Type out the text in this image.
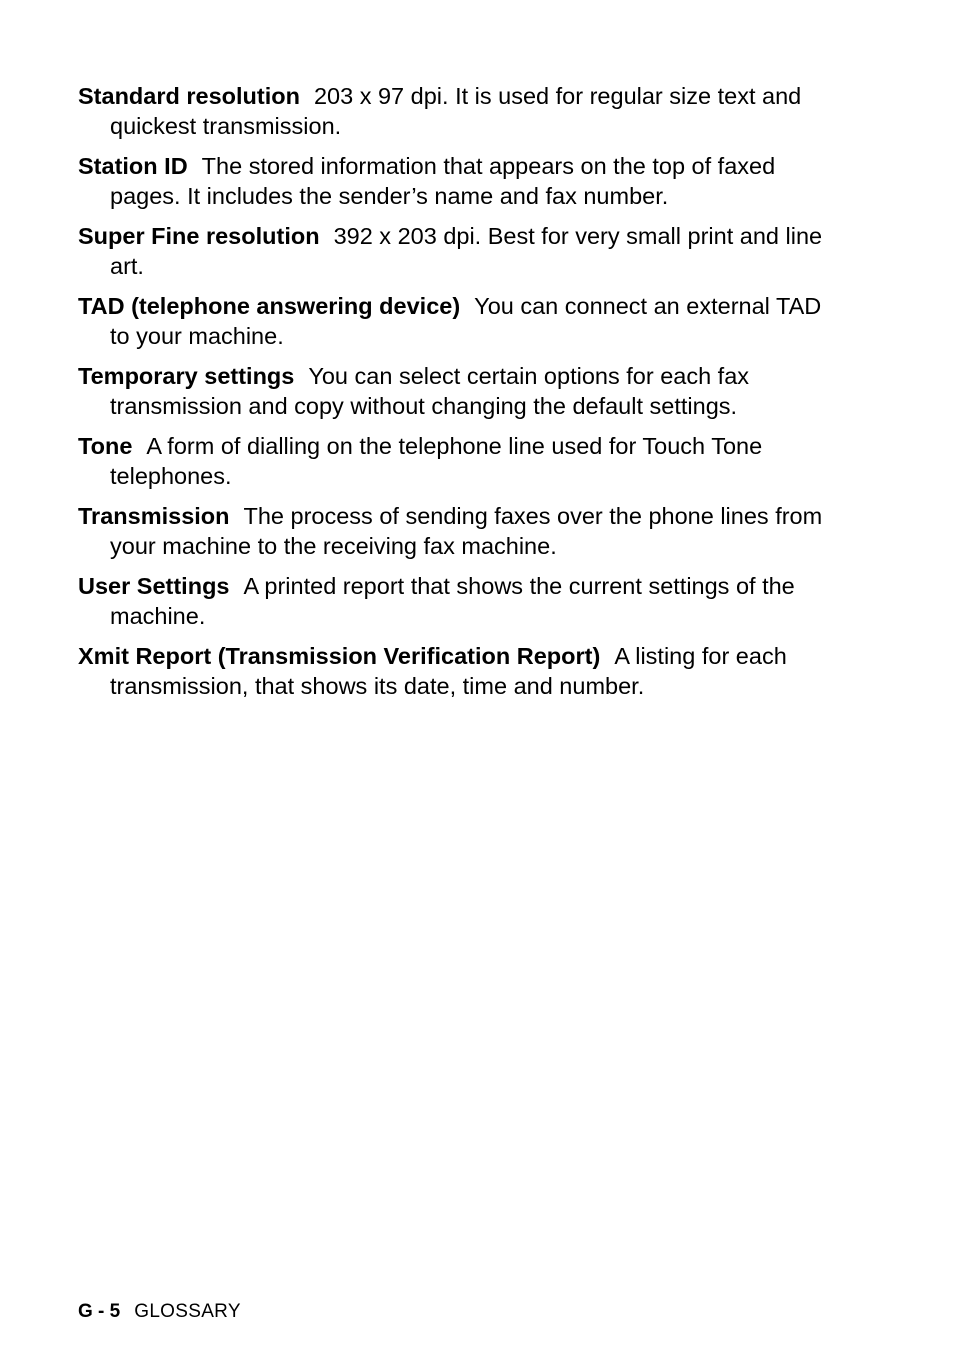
Standard resolution 203 x 97 dpi. It is used for regular size text and quickest transmission.

Station ID The stored information that appears on the top of faxed pages. It includes the sender’s name and fax number.

Super Fine resolution 392 x 203 dpi. Best for very small print and line art.

TAD (telephone answering device) You can connect an external TAD to your machine.

Temporary settings You can select certain options for each fax transmission and copy without changing the default settings.

Tone A form of dialling on the telephone line used for Touch Tone telephones.

Transmission The process of sending faxes over the phone lines from your machine to the receiving fax machine.

User Settings A printed report that shows the current settings of the machine.

Xmit Report (Transmission Verification Report) A listing for each transmission, that shows its date, time and number.

G - 5 GLOSSARY
